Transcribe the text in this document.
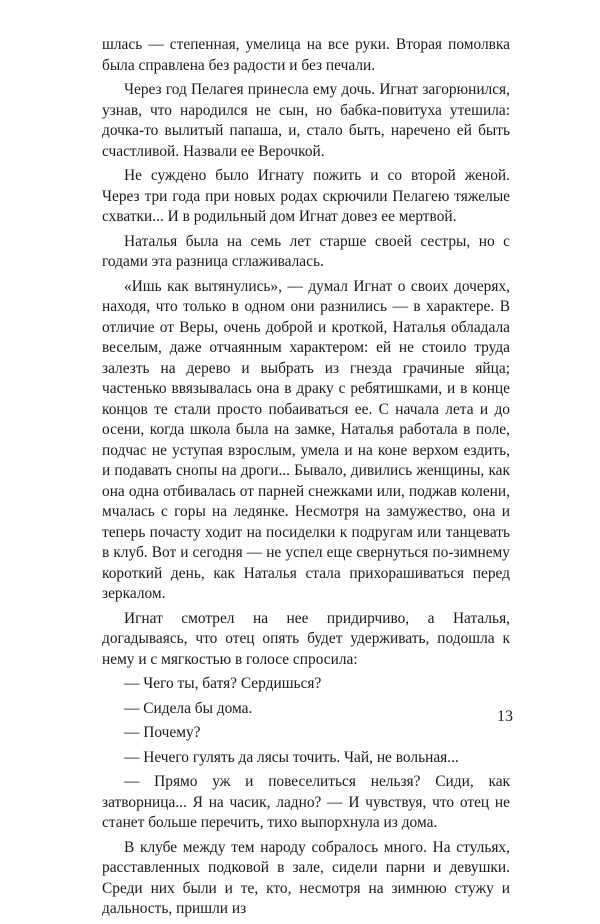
шлась — степенная, умелица на все руки. Вторая помолвка была справлена без радости и без печали.

Через год Пелагея принесла ему дочь. Игнат загорюнился, узнав, что народился не сын, но бабка-повитуха утешила: дочка-то вылитый папаша, и, стало быть, наречено ей быть счастливой. Назвали ее Верочкой.

Не суждено было Игнату пожить и со второй женой. Через три года при новых родах скрючили Пелагею тяжелые схватки... И в родильный дом Игнат довез ее мертвой.

Наталья была на семь лет старше своей сестры, но с годами эта разница сглаживалась.

«Ишь как вытянулись», — думал Игнат о своих дочерях, находя, что только в одном они разнились — в характере. В отличие от Веры, очень доброй и кроткой, Наталья обладала веселым, даже отчаянным характером: ей не стоило труда залезть на дерево и выбрать из гнезда грачиные яйца; частенько ввязывалась она в драку с ребятишками, и в конце концов те стали просто побаиваться ее. С начала лета и до осени, когда школа была на замке, Наталья работала в поле, подчас не уступая взрослым, умела и на коне верхом ездить, и подавать снопы на дроги... Бывало, дивились женщины, как она одна отбивалась от парней снежками или, поджав колени, мчалась с горы на ледянке. Несмотря на замужество, она и теперь почасту ходит на посиделки к подругам или танцевать в клуб. Вот и сегодня — не успел еще свернуться по-зимнему короткий день, как Наталья стала прихорашиваться перед зеркалом.

Игнат смотрел на нее придирчиво, а Наталья, догадываясь, что отец опять будет удерживать, подошла к нему и с мягкостью в голосе спросила:

— Чего ты, батя? Сердишься?

— Сидела бы дома.

— Почему?

— Нечего гулять да лясы точить. Чай, не вольная...

— Прямо уж и повеселиться нельзя? Сиди, как затворница... Я на часик, ладно? — И чувствуя, что отец не станет больше перечить, тихо выпорхнула из дома.

В клубе между тем народу собралось много. На стульях, расставленных подковой в зале, сидели парни и девушки. Среди них были и те, кто, несмотря на зимнюю стужу и дальность, пришли из

13
